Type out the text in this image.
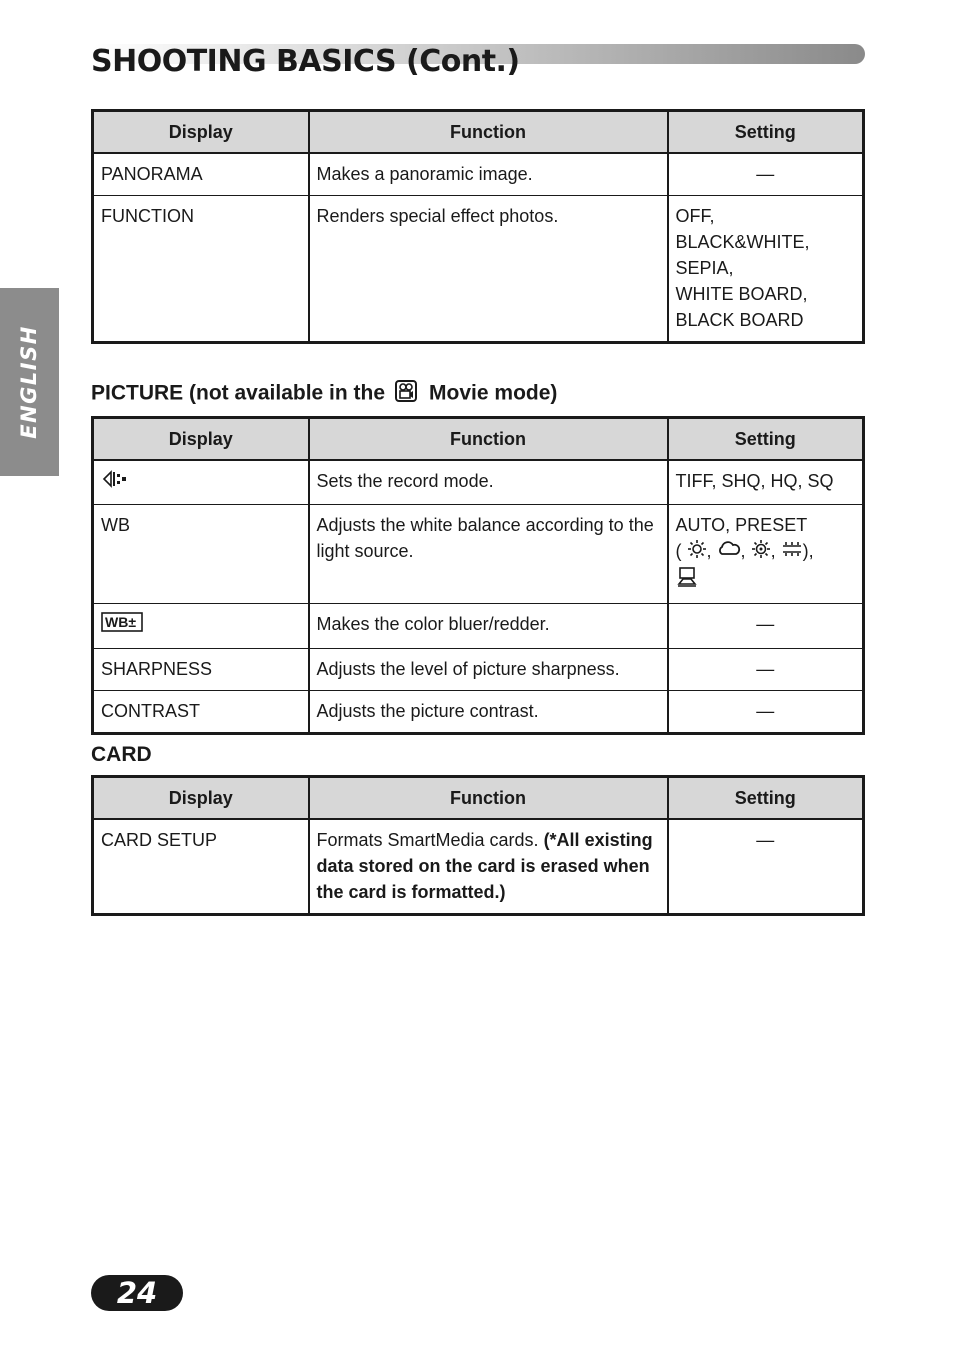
SHOOTING BASICS (Cont.)
ENGLISH
Display	Function	Setting
PANORAMA	Makes a panoramic image.	—
FUNCTION	Renders special effect photos.	OFF,
BLACK&WHITE,
SEPIA,
WHITE BOARD,
BLACK BOARD
PICTURE (not available in the Movie mode)
Display	Function	Setting
	Sets the record mode.	TIFF, SHQ, HQ, SQ
WB	Adjusts the white balance according to the light source.	AUTO, PRESET
( , , , ),

WB±	Makes the color bluer/redder.	—
SHARPNESS	Adjusts the level of picture sharpness.	—
CONTRAST	Adjusts the picture contrast.	—
CARD
Display	Function	Setting
CARD SETUP	Formats SmartMedia cards. (*All existing data stored on the card is erased when the card is formatted.)	—
24
